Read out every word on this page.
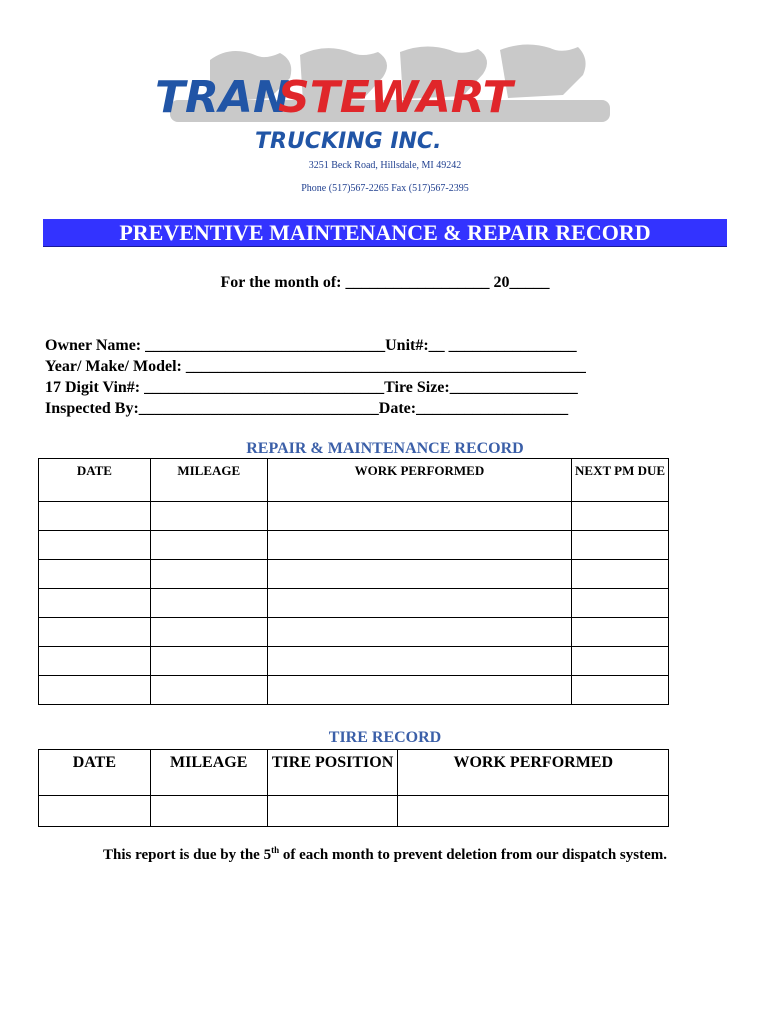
TRAN
STEWART
TRUCKING INC.
3251 Beck Road, Hillsdale, MI 49242
Phone (517)567-2265 Fax (517)567-2395
PREVENTIVE MAINTENANCE & REPAIR RECORD
For the month of: __________________ 20_____
Owner Name: ______________________________Unit#:__ ________________
Year/ Make/ Model: __________________________________________________
17 Digit Vin#: ______________________________Tire Size:________________
Inspected By:______________________________Date:___________________
REPAIR & MAINTENANCE RECORD
DATE	MILEAGE	WORK PERFORMED	NEXT PM DUE

TIRE RECORD
DATE	MILEAGE	TIRE POSITION	WORK PERFORMED

This report is due by the 5th of each month to prevent deletion from our dispatch system.
